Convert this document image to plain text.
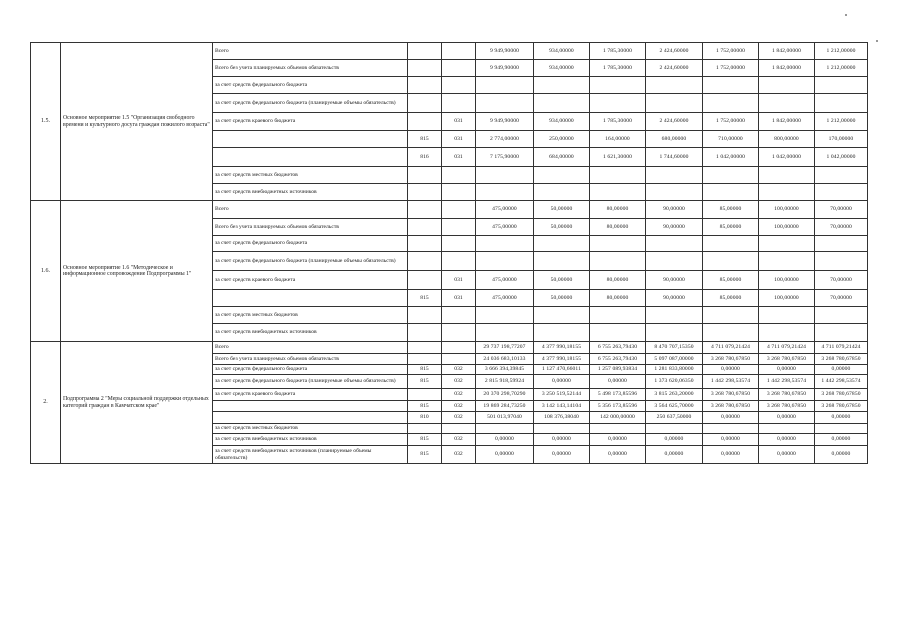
1.5.	Основное мероприятие 1.5 "Организация свободного времени и культурного досуга граждан пожилого возраста"	Всего			9 949,90000	934,00000	1 785,30000	2 424,60000	1 752,00000	1 842,00000	1 212,00000
		Всего без учета планируемых объемов обязательств			9 949,90000	934,00000	1 785,30000	2 424,60000	1 752,00000	1 842,00000	1 212,00000
		за счет средств федерального бюджета									
		за счет средств федерального бюджета (планируемые объемы обязательств)									
		за счет средств краевого бюджета		031	9 949,90000	934,00000	1 785,30000	2 424,60000	1 752,00000	1 842,00000	1 212,00000
			815	031	2 774,00000	250,00000	164,00000	680,00000	710,00000	800,00000	170,00000
			816	031	7 175,90000	684,00000	1 621,30000	1 744,60000	1 042,00000	1 042,00000	1 042,00000
		за счет средств местных бюджетов									
		за счет средств внебюджетных источников									
1.6.	Основное мероприятие 1.6 "Методическое и информационное сопровождение Подпрограммы 1"	Всего			475,00000	50,00000	80,00000	90,00000	85,00000	100,00000	70,00000
		Всего без учета планируемых объемов обязательств			475,00000	50,00000	80,00000	90,00000	85,00000	100,00000	70,00000
		за счет средств федерального бюджета									
		за счет средств федерального бюджета (планируемые объемы обязательств)									
		за счет средств краевого бюджета		031	475,00000	50,00000	80,00000	90,00000	85,00000	100,00000	70,00000
			815	031	475,00000	50,00000	80,00000	90,00000	85,00000	100,00000	70,00000
		за счет средств местных бюджетов									
		за счет средств внебюджетных источников									
2.	Подпрограмма 2 "Меры социальной поддержки отдельных категорий граждан в Камчатском крае"	Всего			29 737 198,77207	4 377 990,18155	6 755 263,79430	8 470 707,15350	4 711 079,21424	4 711 079,21424	4 711 079,21424
		Всего без учета планируемых объемов обязательств			24 036 683,10133	4 377 990,18155	6 755 263,79430	5 097 087,00000	3 268 780,67850	3 268 780,67850	3 268 780,67850
		за счет средств федерального бюджета	815	032	3 666 394,39845	1 127 470,66011	1 257 089,93834	1 281 833,80000	0,00000	0,00000	0,00000
		за счет средств федерального бюджета (планируемые объемы обязательств)	815	032	2 815 918,59924	0,00000	0,00000	1 373 620,06350	1 442 298,53574	1 442 298,53574	1 442 298,53574
		за счет средств краевого бюджета		032	20 370 298,70290	3 250 519,52144	5 498 173,85596	3 815 263,20000	3 268 780,67850	3 268 780,67850	3 268 780,67850
			815	032	19 869 284,73250	3 142 143,14104	5 356 173,85596	3 564 625,70000	3 268 780,67850	3 268 780,67850	3 268 780,67850
			810	032	501 013,97040	108 376,38040	142 000,00000	250 637,50000	0,00000	0,00000	0,00000
		за счет средств местных бюджетов									
		за счет средств внебюджетных источников	815	032	0,00000	0,00000	0,00000	0,00000	0,00000	0,00000	0,00000
		за счет средств внебюджетных источников (планируемые объемы обязательств)	815	032	0,00000	0,00000	0,00000	0,00000	0,00000	0,00000	0,00000
